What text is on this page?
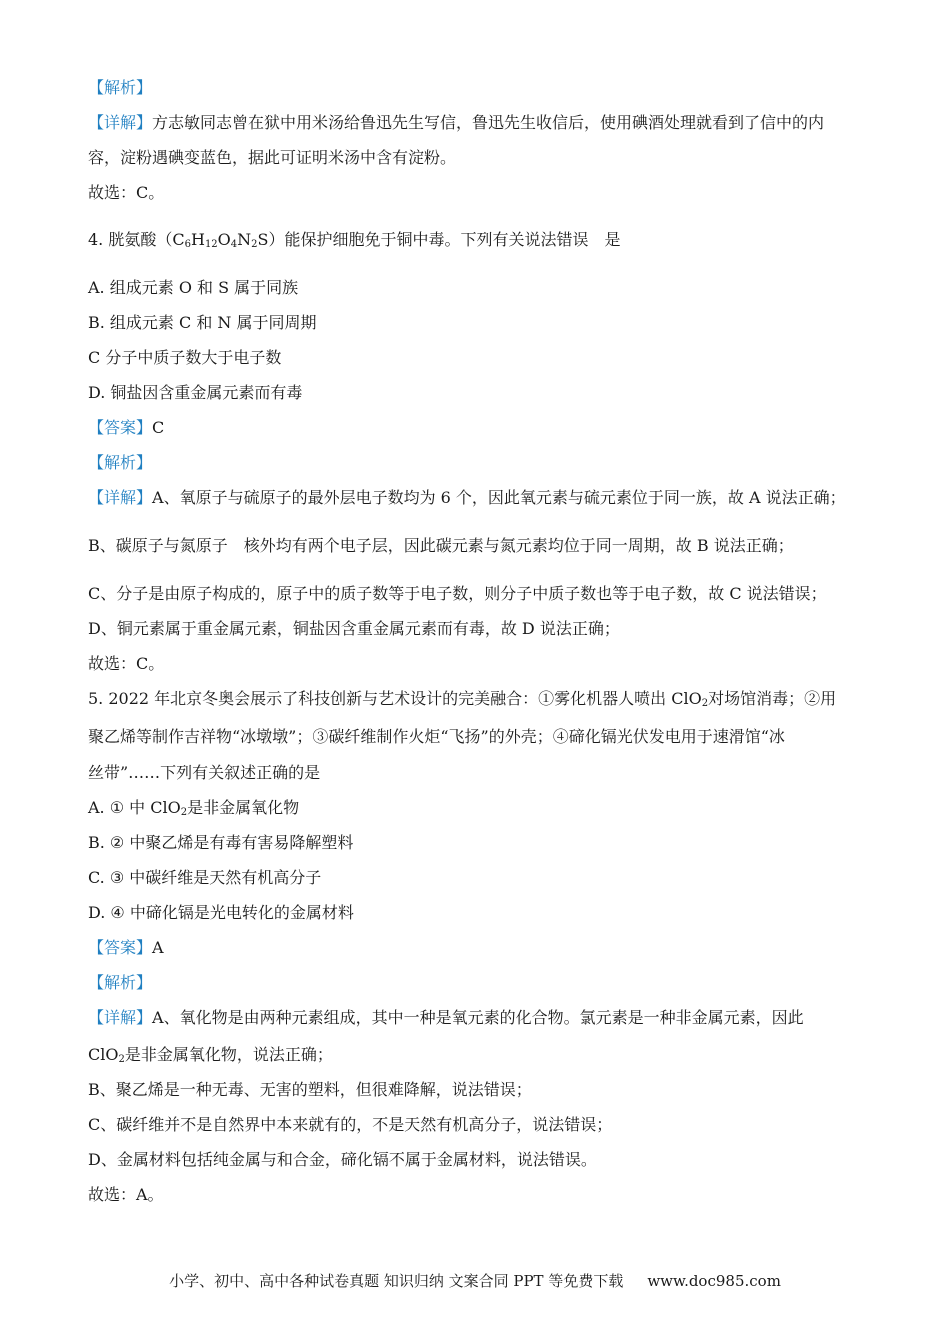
【解析】
【详解】方志敏同志曾在狱中用米汤给鲁迅先生写信，鲁迅先生收信后，使用碘酒处理就看到了信中的内
容，淀粉遇碘变蓝色，据此可证明米汤中含有淀粉。
故选：C。
4. 胱氨酸$(C_6H_{12}O_4N_2S)$能保护细胞免于铜中毒。下列有关说法错误　是
A. 组成元素 O 和 S 属于同族
B. 组成元素 C 和 N 属于同周期
C 分子中质子数大于电子数
D. 铜盐因含重金属元素而有毒
【答案】C
【解析】
【详解】A、氧原子与硫原子的最外层电子数均为 6 个，因此氧元素与硫元素位于同一族，故 A 说法正确；
B、碳原子与氮原子　核外均有两个电子层，因此碳元素与氮元素均位于同一周期，故 B 说法正确；
C、分子是由原子构成的，原子中的质子数等于电子数，则分子中质子数也等于电子数，故 C 说法错误；
D、铜元素属于重金属元素，铜盐因含重金属元素而有毒，故 D 说法正确；
故选：C。
5. 2022 年北京冬奥会展示了科技创新与艺术设计的完美融合：①雾化机器人喷出 ClO$_2$对场馆消毒；②用
聚乙烯等制作吉祥物“冰墩墩”；③碳纤维制作火炬“飞扬”的外壳；④碲化镉光伏发电用于速滑馆“冰
丝带”……下列有关叙述正确的是
A. ① 中 ClO$_2$是非金属氧化物
B. ② 中聚乙烯是有毒有害易降解塑料
C. ③ 中碳纤维是天然有机高分子
D. ④ 中碲化镉是光电转化的金属材料
【答案】A
【解析】
【详解】A、氧化物是由两种元素组成，其中一种是氧元素的化合物。氯元素是一种非金属元素，因此
ClO$_2$是非金属氧化物，说法正确；
B、聚乙烯是一种无毒、无害的塑料，但很难降解，说法错误；
C、碳纤维并不是自然界中本来就有的，不是天然有机高分子，说法错误；
D、金属材料包括纯金属与和合金，碲化镉不属于金属材料，说法错误。
故选：A。
小学、初中、高中各种试卷真题 知识归纳 文案合同 PPT 等免费下载 www.doc985.com
